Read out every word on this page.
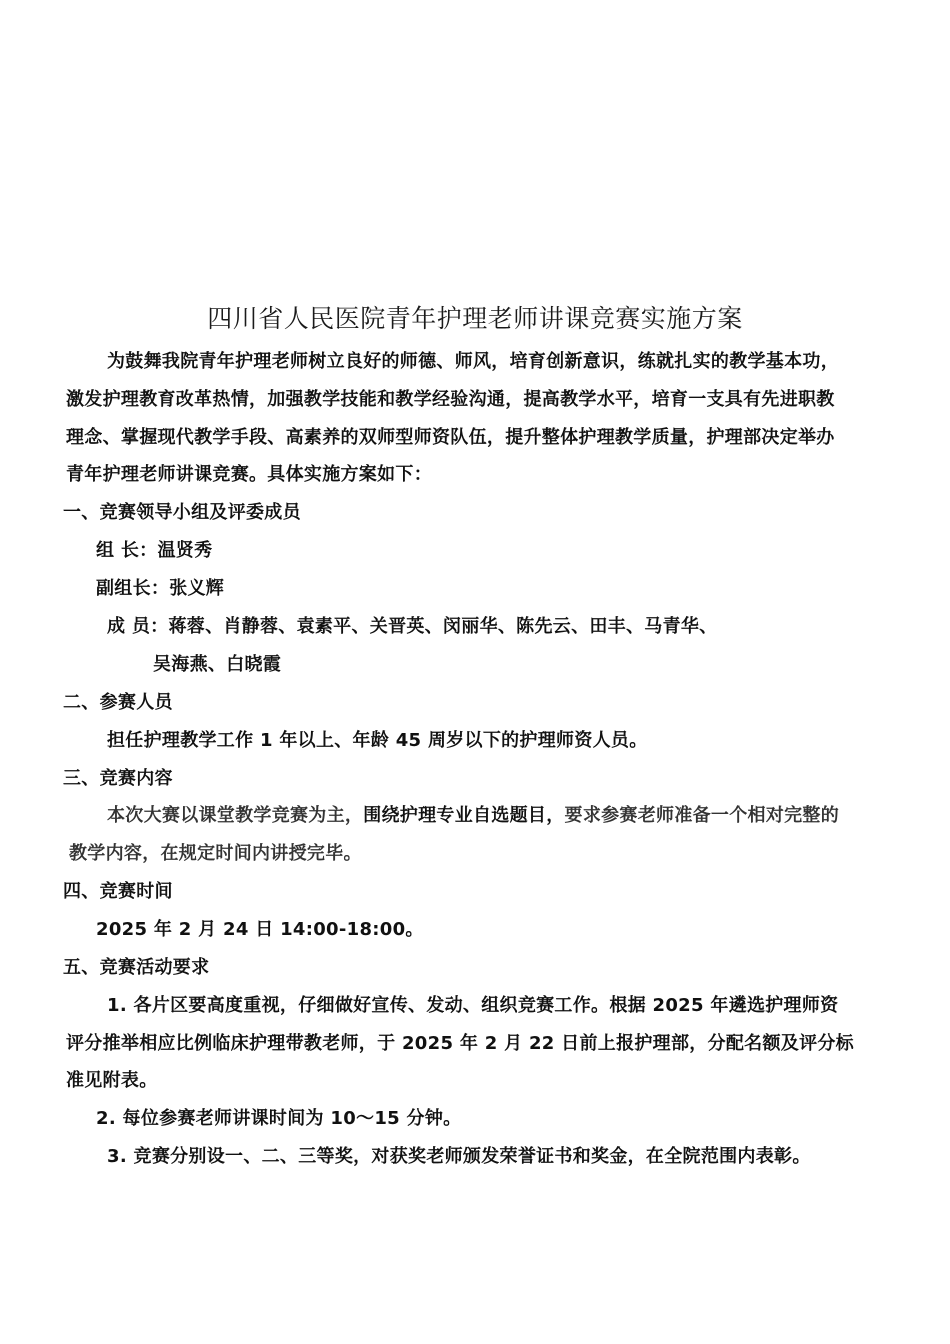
四川省人民医院青年护理老师讲课竞赛实施方案
为鼓舞我院青年护理老师树立良好的师德、师风，培育创新意识，练就扎实的教学基本功，
激发护理教育改革热情，加强教学技能和教学经验沟通，提高教学水平，培育一支具有先进职教
理念、掌握现代教学手段、高素养的双师型师资队伍，提升整体护理教学质量，护理部决定举办
青年护理老师讲课竞赛。具体实施方案如下：
一、竞赛领导小组及评委成员
组 长：温贤秀
副组长：张义辉
成 员：蒋蓉、肖静蓉、袁素平、关晋英、闵丽华、陈先云、田丰、马青华、
吴海燕、白晓霞
二、参赛人员
担任护理教学工作 1 年以上、年龄 45 周岁以下的护理师资人员。
三、竞赛内容
本次大赛以课堂教学竞赛为主，围绕护理专业自选题目，要求参赛老师准备一个相对完整的
教学内容，在规定时间内讲授完毕。
四、竞赛时间
2025 年 2 月 24 日 14:00-18:00。
五、竞赛活动要求
1. 各片区要高度重视，仔细做好宣传、发动、组织竞赛工作。根据 2025 年遴选护理师资
评分推举相应比例临床护理带教老师，于 2025 年 2 月 22 日前上报护理部，分配名额及评分标
准见附表。
2. 每位参赛老师讲课时间为 10～15 分钟。
3. 竞赛分别设一、二、三等奖，对获奖老师颁发荣誉证书和奖金，在全院范围内表彰。
